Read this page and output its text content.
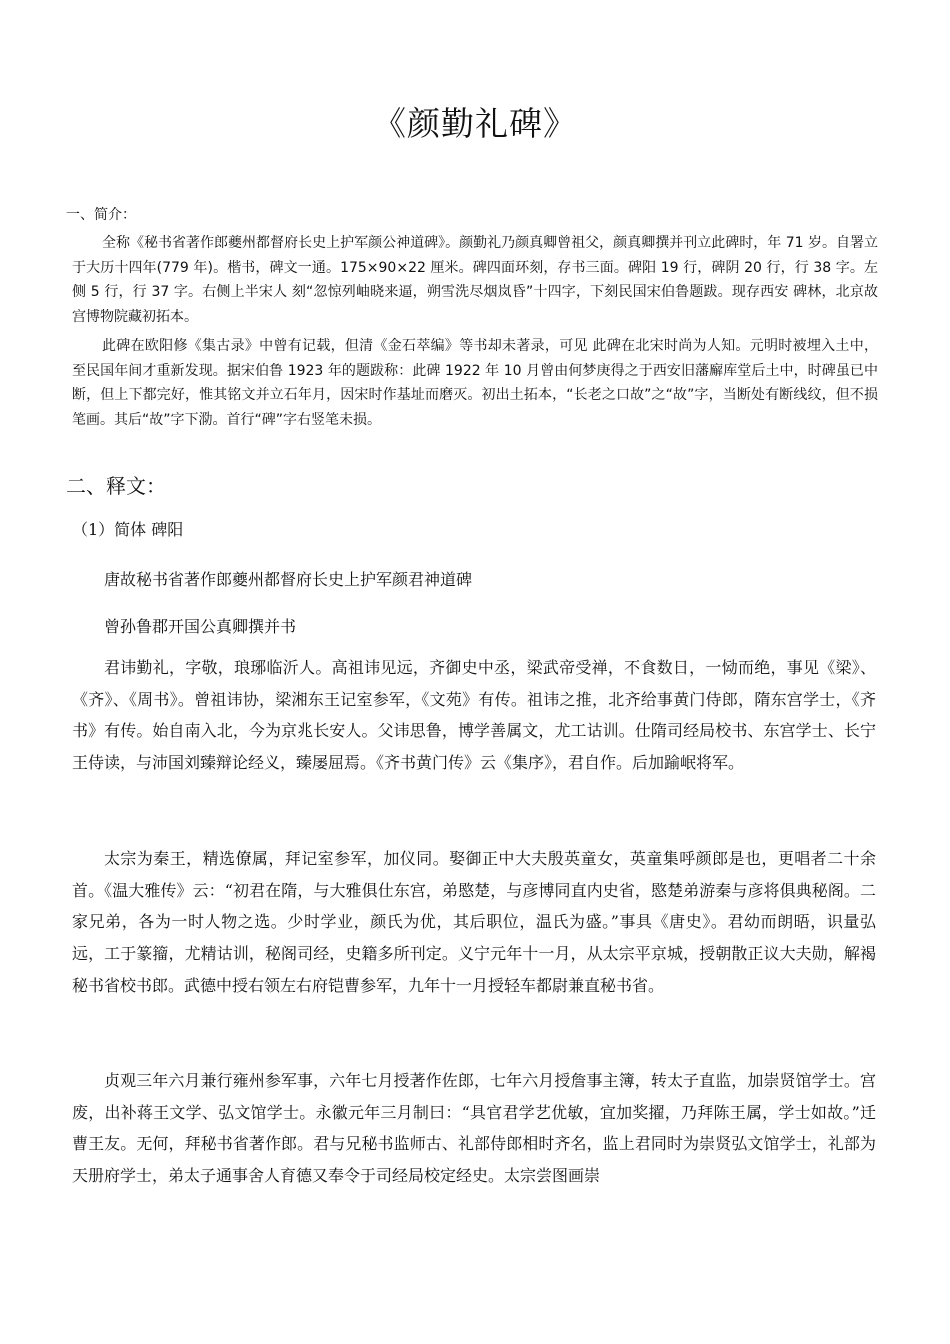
《颜勤礼碑》
一、简介：
全称《秘书省著作郎夔州都督府长史上护军颜公神道碑》。颜勤礼乃颜真卿曾祖父，颜真卿撰并刊立此碑时，年 71 岁。自署立于大历十四年(779 年)。楷书，碑文一通。175×90×22 厘米。碑四面环刻，存书三面。碑阳 19 行，碑阴 20 行，行 38 字。左侧 5 行，行 37 字。右侧上半宋人 刻“忽惊列岫晓来逼，朔雪洗尽烟岚昏”十四字，下刻民国宋伯鲁题跋。现存西安 碑林，北京故宫博物院藏初拓本。
此碑在欧阳修《集古录》中曾有记载，但清《金石萃编》等书却未著录，可见 此碑在北宋时尚为人知。元明时被埋入土中， 至民国年间才重新发现。据宋伯鲁 1923 年的题跋称：此碑 1922 年 10 月曾由何梦庚得之于西安旧藩廨库堂后土中，时碑虽已中断，但上下都完好，惟其铭文并立石年月，因宋时作基址而磨灭。初出土拓本，“长老之口故”之“故”字，当断处有断线纹，但不损笔画。其后“故”字下泐。首行“碑”字右竖笔未损。
二、释文：
（1）简体 碑阳
唐故秘书省著作郎夔州都督府长史上护军颜君神道碑
曾孙鲁郡开国公真卿撰并书
君讳勤礼，字敬，琅琊临沂人。高祖讳见远，齐御史中丞，梁武帝受禅，不食数日，一恸而绝，事见《梁》、《齐》、《周书》。曾祖讳协，梁湘东王记室参军，《文苑》有传。祖讳之推，北齐给事黄门侍郎，隋东宫学士，《齐书》有传。始自南入北，今为京兆长安人。父讳思鲁，博学善属文，尤工诂训。仕隋司经局校书、东宫学士、长宁王侍读，与沛国刘臻辩论经义，臻屡屈焉。《齐书黄门传》云《集序》，君自作。后加踰岷将军。
太宗为秦王，精选僚属，拜记室参军，加仪同。娶御正中大夫殷英童女，英童集呼颜郎是也，更唱者二十余首。《温大雅传》云：“初君在隋，与大雅俱仕东宫，弟愍楚，与彦博同直内史省，愍楚弟游秦与彦将俱典秘阁。二家兄弟，各为一时人物之选。少时学业，颜氏为优，其后职位，温氏为盛。”事具《唐史》。君幼而朗晤，识量弘远，工于篆籀，尤精诂训，秘阁司经，史籍多所刊定。义宁元年十一月，从太宗平京城，授朝散正议大夫勋，解褐秘书省校书郎。武德中授右领左右府铠曹参军，九年十一月授轻车都尉兼直秘书省。
贞观三年六月兼行雍州参军事，六年七月授著作佐郎，七年六月授詹事主簿，转太子直监，加崇贤馆学士。宫废，出补蒋王文学、弘文馆学士。永徽元年三月制曰：“具官君学艺优敏，宜加奖擢，乃拜陈王属，学士如故。”迁曹王友。无何，拜秘书省著作郎。君与兄秘书监师古、礼部侍郎相时齐名，监上君同时为崇贤弘文馆学士，礼部为天册府学士，弟太子通事舍人育德又奉令于司经局校定经史。太宗尝图画崇
